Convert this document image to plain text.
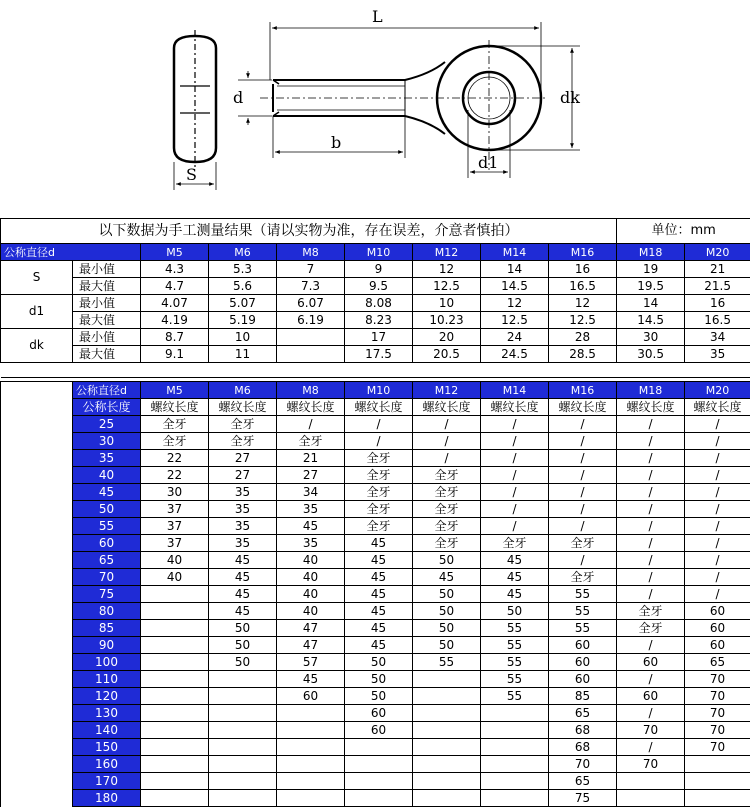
L
d	dk
b
S
d1
以下数据为手工测量结果（请以实物为准，存在误差，介意者慎拍）									单位：mm	
公称直径d		M5	M6	M8	M10	M12	M14	M16	M18	M20
S	最小值	4.3	5.3	7	9	12	14	16	19	21
	最大值	4.7	5.6	7.3	9.5	12.5	14.5	16.5	19.5	21.5
d1	最小值	4.07	5.07	6.07	8.08	10	12	12	14	16
	最大值	4.19	5.19	6.19	8.23	10.23	12.5	12.5	14.5	16.5
dk	最小值	8.7	10		17	20	24	28	30	34
	最大值	9.1	11		17.5	20.5	24.5	28.5	30.5	35

	公称直径d	M5	M6	M8	M10	M12	M14	M16	M18	M20
	公称长度	螺纹长度	螺纹长度	螺纹长度	螺纹长度	螺纹长度	螺纹长度	螺纹长度	螺纹长度	螺纹长度
	25	全牙	全牙	/	/	/	/	/	/	/
	30	全牙	全牙	全牙	/	/	/	/	/	/
	35	22	27	21	全牙	/	/	/	/	/
	40	22	27	27	全牙	全牙	/	/	/	/
	45	30	35	34	全牙	全牙	/	/	/	/
	50	37	35	35	全牙	全牙	/	/	/	/
	55	37	35	45	全牙	全牙	/	/	/	/
	60	37	35	35	45	全牙	全牙	全牙	/	/
	65	40	45	40	45	50	45	/	/	/
	70	40	45	40	45	45	45	全牙	/	/
	75		45	40	45	50	45	55	/	/
	80		45	40	45	50	50	55	全牙	60
	85		50	47	45	50	55	55	全牙	60
	90		50	47	45	50	55	60	/	60
	100		50	57	50	55	55	60	60	65
	110			45	50		55	60	/	70
	120			60	50		55	85	60	70
	130				60			65	/	70
	140				60			68	70	70
	150							68	/	70
	160							70	70	
	170							65		
	180							75		
